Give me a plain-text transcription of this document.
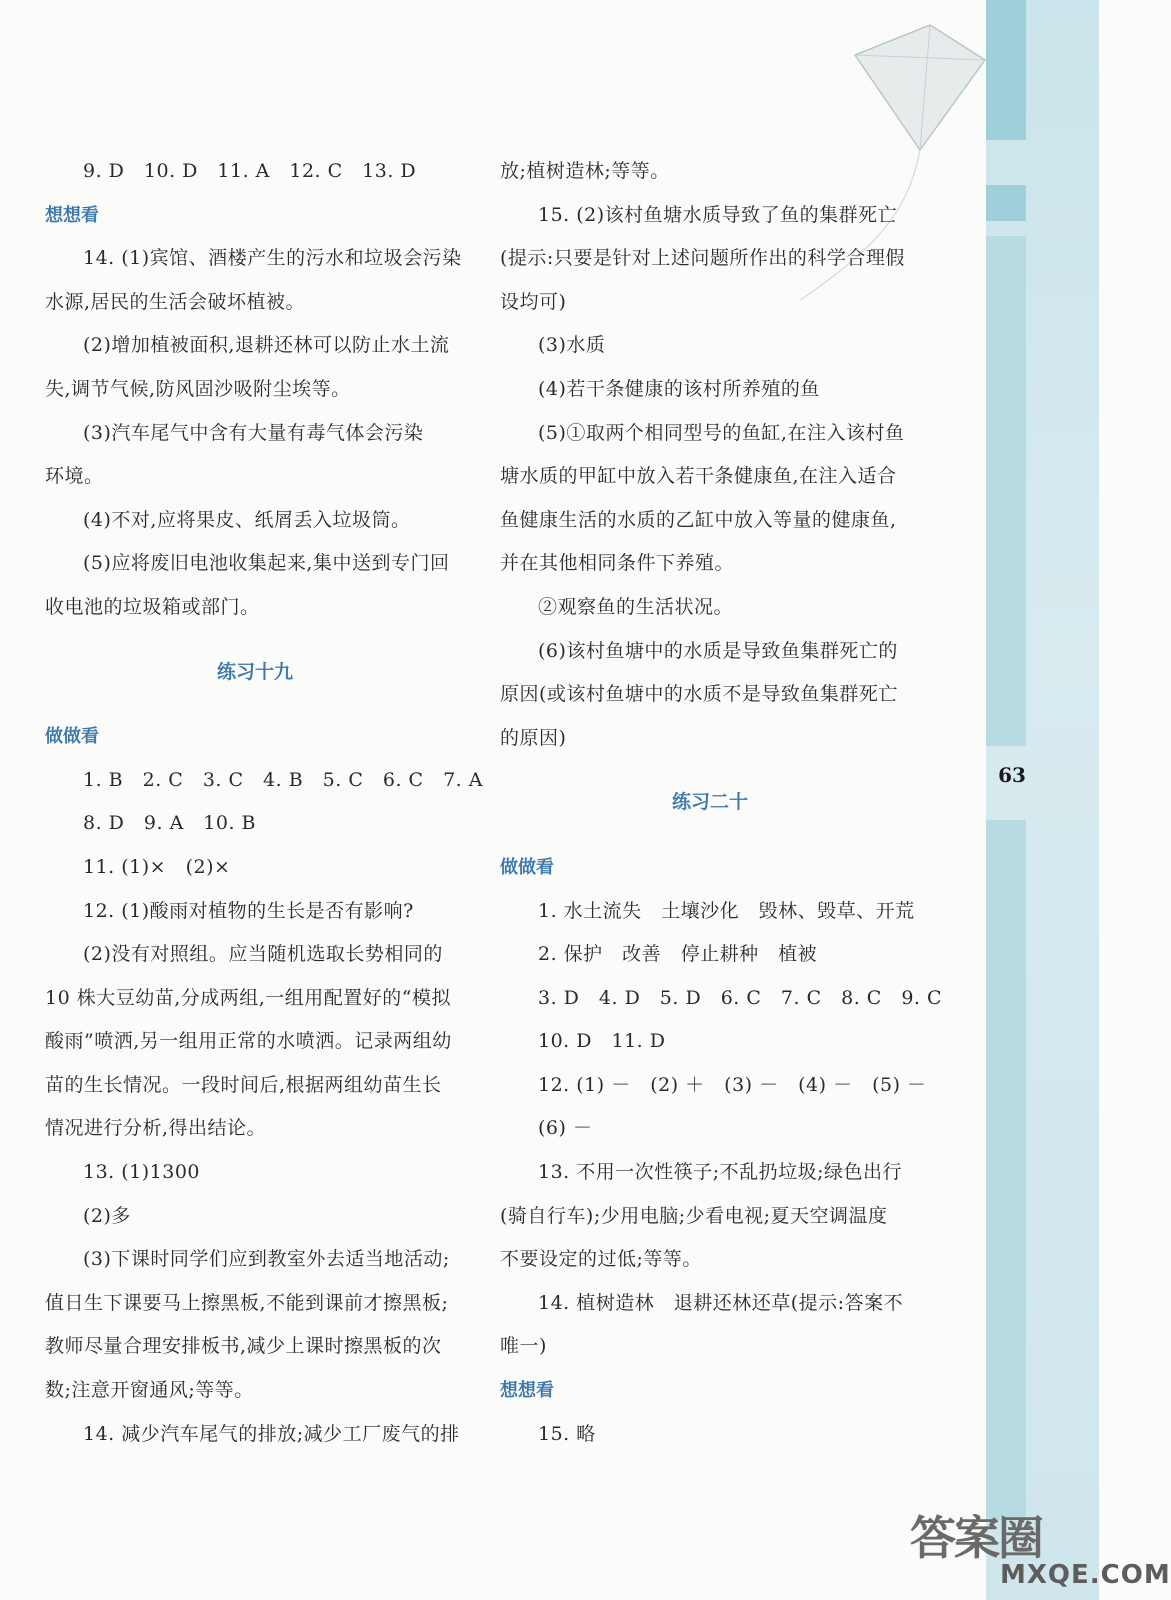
63
9. D　10. D　11. A　12. C　13. D
想想看
14. (1)宾馆、酒楼产生的污水和垃圾会污染
水源,居民的生活会破坏植被。
(2)增加植被面积,退耕还林可以防止水土流
失,调节气候,防风固沙吸附尘埃等。
(3)汽车尾气中含有大量有毒气体会污染
环境。
(4)不对,应将果皮、纸屑丢入垃圾筒。
(5)应将废旧电池收集起来,集中送到专门回
收电池的垃圾箱或部门。
练习十九
做做看
1. B　2. C　3. C　4. B　5. C　6. C　7. A
8. D　9. A　10. B
11. (1)×　(2)×
12. (1)酸雨对植物的生长是否有影响?
(2)没有对照组。应当随机选取长势相同的
10 株大豆幼苗,分成两组,一组用配置好的“模拟
酸雨”喷洒,另一组用正常的水喷洒。记录两组幼
苗的生长情况。一段时间后,根据两组幼苗生长
情况进行分析,得出结论。
13. (1)1300
(2)多
(3)下课时同学们应到教室外去适当地活动;
值日生下课要马上擦黑板,不能到课前才擦黑板;
教师尽量合理安排板书,减少上课时擦黑板的次
数;注意开窗通风;等等。
14. 减少汽车尾气的排放;减少工厂废气的排
放;植树造林;等等。
15. (2)该村鱼塘水质导致了鱼的集群死亡
(提示:只要是针对上述问题所作出的科学合理假
设均可)
(3)水质
(4)若干条健康的该村所养殖的鱼
(5)①取两个相同型号的鱼缸,在注入该村鱼
塘水质的甲缸中放入若干条健康鱼,在注入适合
鱼健康生活的水质的乙缸中放入等量的健康鱼,
并在其他相同条件下养殖。
②观察鱼的生活状况。
(6)该村鱼塘中的水质是导致鱼集群死亡的
原因(或该村鱼塘中的水质不是导致鱼集群死亡
的原因)
练习二十
做做看
1. 水土流失　土壤沙化　毁林、毁草、开荒
2. 保护　改善　停止耕种　植被
3. D　4. D　5. D　6. C　7. C　8. C　9. C
10. D　11. D
12. (1) －　(2) ＋　(3) －　(4) －　(5) －
(6) －
13. 不用一次性筷子;不乱扔垃圾;绿色出行
(骑自行车);少用电脑;少看电视;夏天空调温度
不要设定的过低;等等。
14. 植树造林　退耕还林还草(提示:答案不
唯一)
想想看
15. 略
答案圈
MXQE.COM
